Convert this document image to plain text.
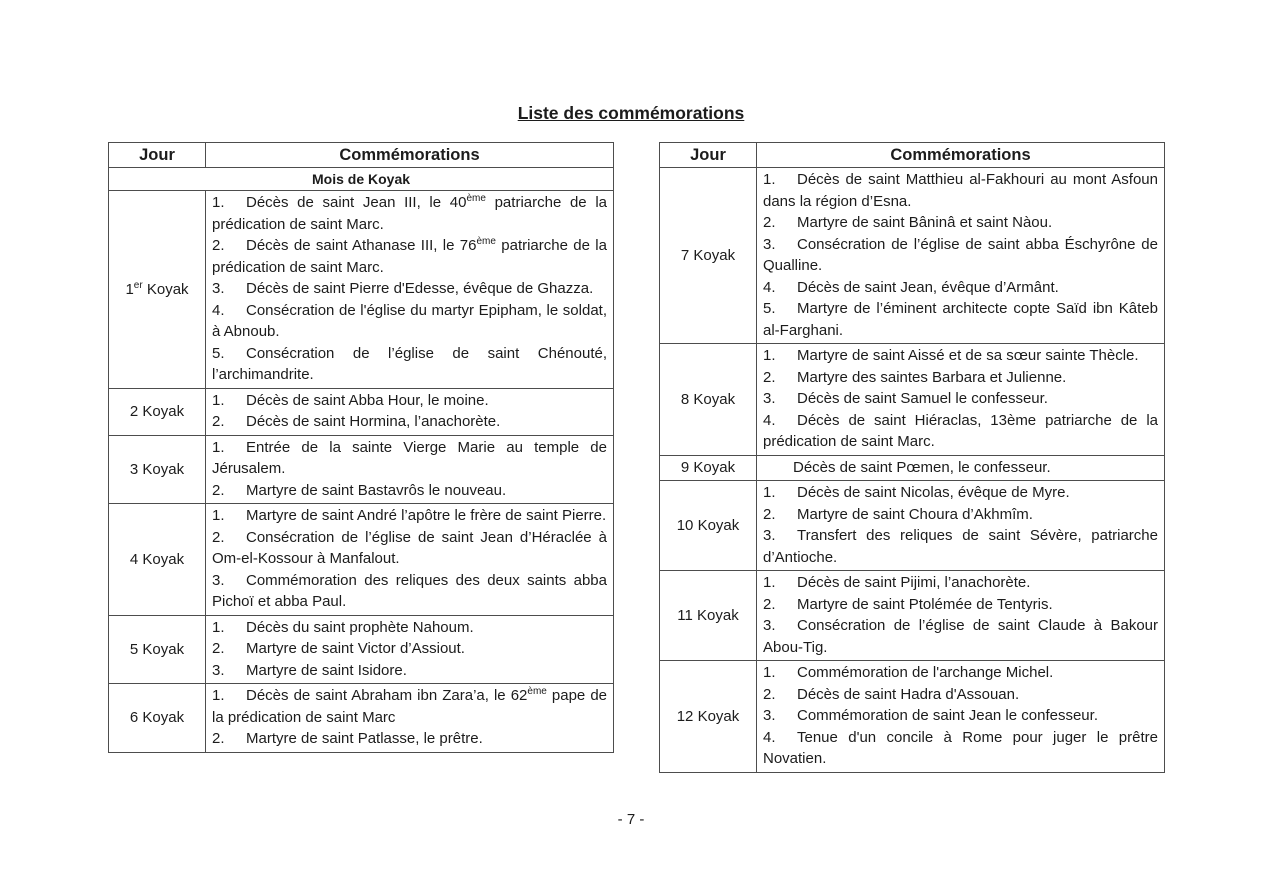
Liste des commémorations
Jour	Commémorations
Mois de Koyak	
1er Koyak	1. Décès de saint Jean III, le 40ème patriarche de la prédication de saint Marc.

2. Décès de saint Athanase III, le 76ème patriarche de la prédication de saint Marc.

3. Décès de saint Pierre d'Edesse, évêque de Ghazza.

4. Consécration de l'église du martyr Epipham, le soldat, à Abnoub.

5. Consécration de l’église de saint Chénouté, l’archimandrite.

2 Koyak	1. Décès de saint Abba Hour, le moine.

2. Décès de saint Hormina, l’anachorète.

3 Koyak	1. Entrée de la sainte Vierge Marie au temple de Jérusalem.

2. Martyre de saint Bastavrôs le nouveau.

4 Koyak	1. Martyre de saint André l’apôtre le frère de saint Pierre.

2. Consécration de l’église de saint Jean d’Héraclée à Om-el-Kossour à Manfalout.

3. Commémoration des reliques des deux saints abba Pichoï et abba Paul.

5 Koyak	1. Décès du saint prophète Nahoum.

2. Martyre de saint Victor d’Assiout.

3. Martyre de saint Isidore.

6 Koyak	1. Décès de saint Abraham ibn Zara’a, le 62ème pape de la prédication de saint Marc

2. Martyre de saint Patlasse, le prêtre.

Jour	Commémorations
7 Koyak	1. Décès de saint Matthieu al-Fakhouri au mont Asfoun dans la région d’Esna.

2. Martyre de saint Bâninâ et saint Nàou.

3. Consécration de l’église de saint abba Éschyrône de Qualline.

4. Décès de saint Jean, évêque d’Armânt.

5. Martyre de l’éminent architecte copte Saïd ibn Kâteb al-Farghani.

8 Koyak	1. Martyre de saint Aissé et de sa sœur sainte Thècle.

2. Martyre des saintes Barbara et Julienne.

3. Décès de saint Samuel le confesseur.

4. Décès de saint Hiéraclas, 13ème patriarche de la prédication de saint Marc.

9 Koyak	Décès de saint Pœmen, le confesseur.

10 Koyak	1. Décès de saint Nicolas, évêque de Myre.

2. Martyre de saint Choura d’Akhmîm.

3. Transfert des reliques de saint Sévère, patriarche d’Antioche.

11 Koyak	1. Décès de saint Pijimi, l’anachorète.

2. Martyre de saint Ptolémée de Tentyris.

3. Consécration de l’église de saint Claude à Bakour Abou-Tig.

12 Koyak	1. Commémoration de l'archange Michel.

2. Décès de saint Hadra d'Assouan.

3. Commémoration de saint Jean le confesseur.

4. Tenue d'un concile à Rome pour juger le prêtre Novatien.

- 7 -
